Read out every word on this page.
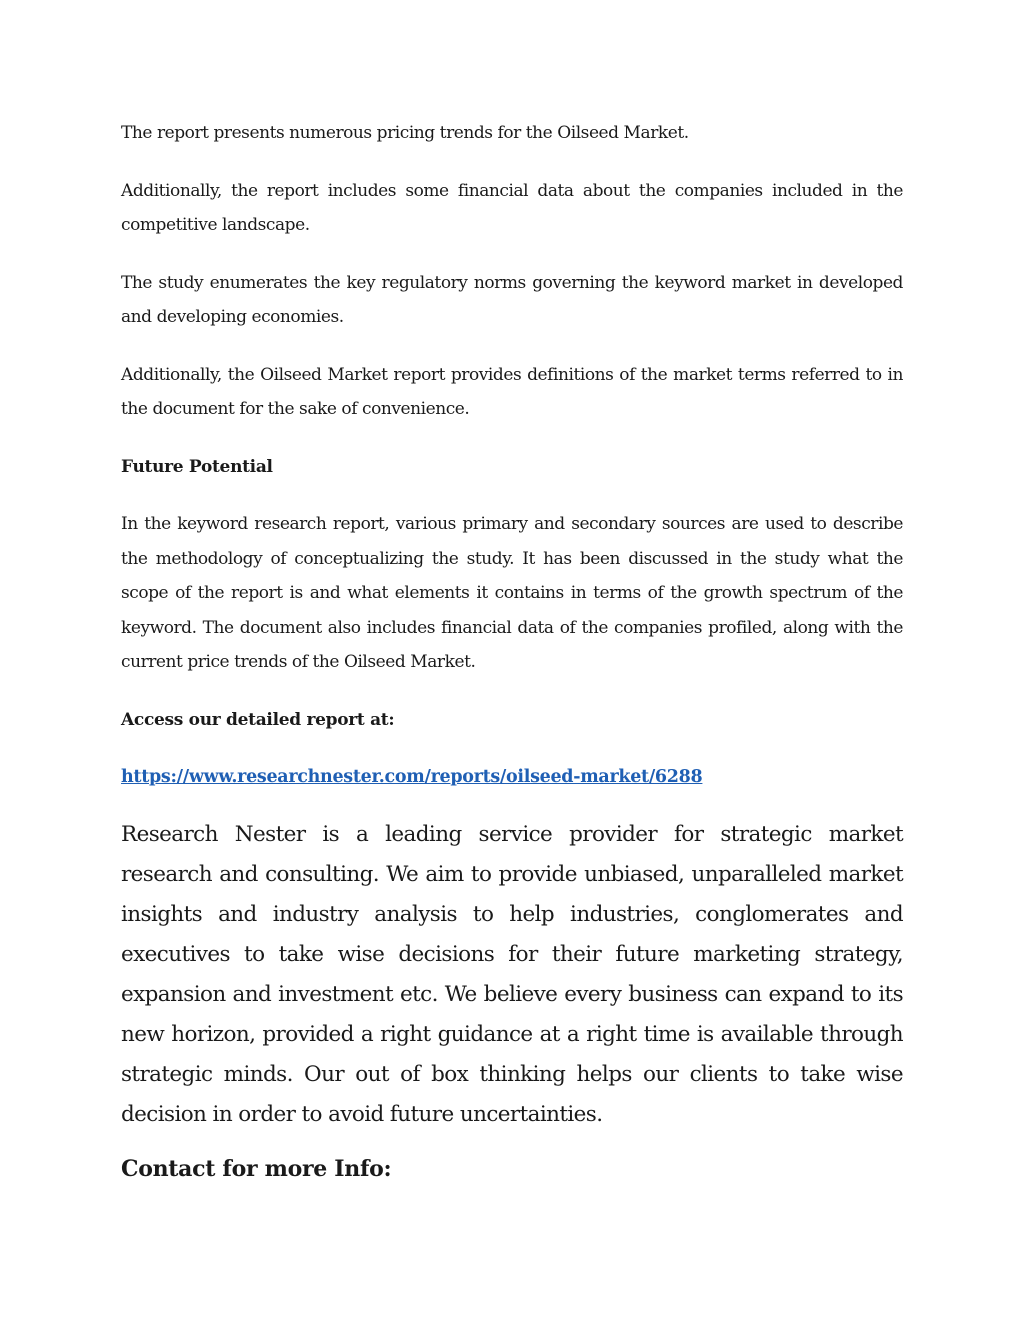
The report presents numerous pricing trends for the Oilseed Market.

Additionally, the report includes some financial data about the companies included in the competitive landscape.

The study enumerates the key regulatory norms governing the keyword market in developed and developing economies.

Additionally, the Oilseed Market report provides definitions of the market terms referred to in the document for the sake of convenience.

Future Potential

In the keyword research report, various primary and secondary sources are used to describe the methodology of conceptualizing the study. It has been discussed in the study what the scope of the report is and what elements it contains in terms of the growth spectrum of the keyword. The document also includes financial data of the companies profiled, along with the current price trends of the Oilseed Market.

Access our detailed report at:
https://www.researchnester.com/reports/oilseed-market/6288

Research Nester is a leading service provider for strategic market research and consulting. We aim to provide unbiased, unparalleled market insights and industry analysis to help industries, conglomerates and executives to take wise decisions for their future marketing strategy, expansion and investment etc. We believe every business can expand to its new horizon, provided a right guidance at a right time is available through strategic minds. Our out of box thinking helps our clients to take wise decision in order to avoid future uncertainties.

Contact for more Info:
